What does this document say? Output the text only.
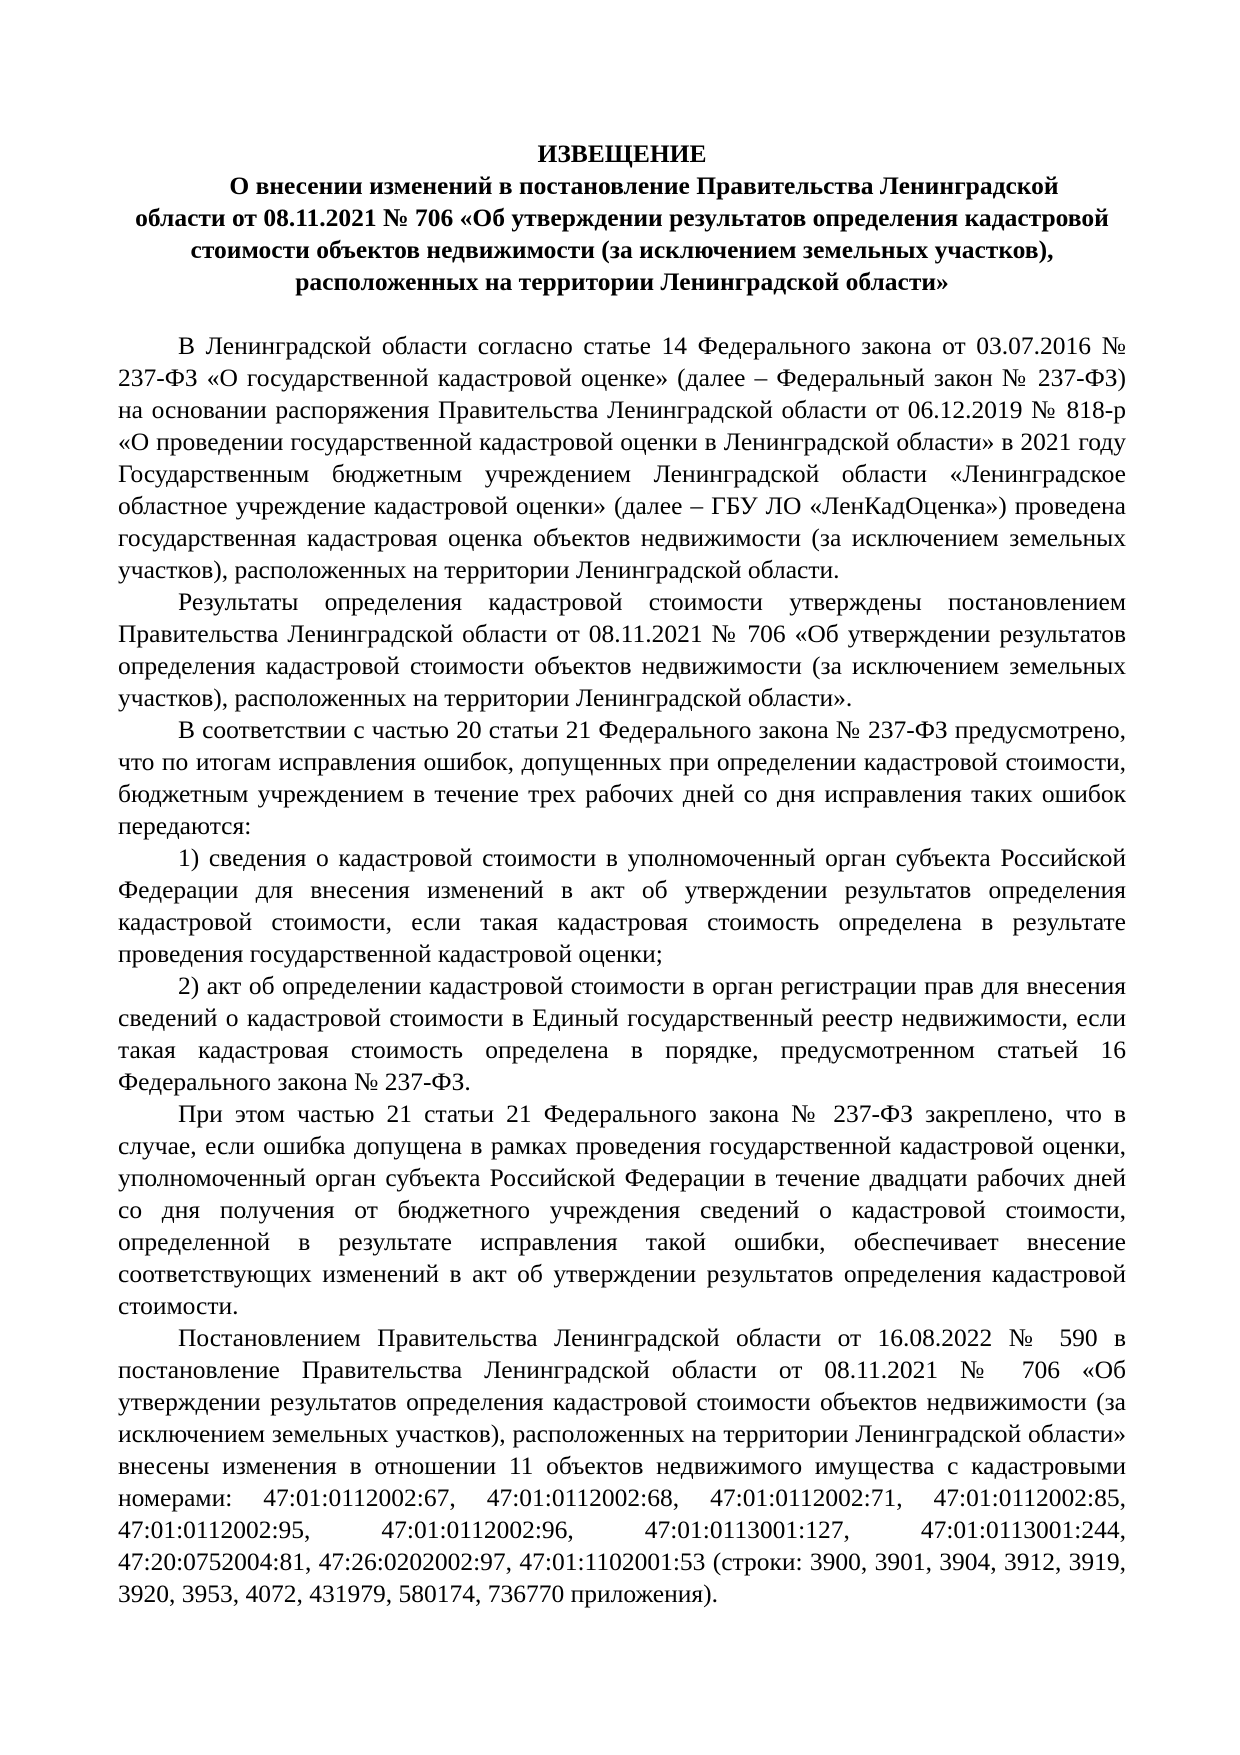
ИЗВЕЩЕНИЕ
О внесении изменений в постановление Правительства Ленинградской
области от 08.11.2021 № 706 «Об утверждении результатов определения кадастровой
стоимости объектов недвижимости (за исключением земельных участков),
расположенных на территории Ленинградской области»

В Ленинградской области согласно статье 14 Федерального закона от 03.07.2016 № 237-ФЗ «О государственной кадастровой оценке» (далее – Федеральный закон № 237-ФЗ) на основании распоряжения Правительства Ленинградской области от 06.12.2019 № 818-р «О проведении государственной кадастровой оценки в Ленинградской области» в 2021 году Государственным бюджетным учреждением Ленинградской области «Ленинградское областное учреждение кадастровой оценки» (далее – ГБУ ЛО «ЛенКадОценка») проведена государственная кадастровая оценка объектов недвижимости (за исключением земельных участков), расположенных на территории Ленинградской области.

Результаты определения кадастровой стоимости утверждены постановлением Правительства Ленинградской области от 08.11.2021 № 706 «Об утверждении результатов определения кадастровой стоимости объектов недвижимости (за исключением земельных участков), расположенных на территории Ленинградской области».

В соответствии с частью 20 статьи 21 Федерального закона № 237-ФЗ предусмотрено, что по итогам исправления ошибок, допущенных при определении кадастровой стоимости, бюджетным учреждением в течение трех рабочих дней со дня исправления таких ошибок передаются:

1) сведения о кадастровой стоимости в уполномоченный орган субъекта Российской Федерации для внесения изменений в акт об утверждении результатов определения кадастровой стоимости, если такая кадастровая стоимость определена в результате проведения государственной кадастровой оценки;

2) акт об определении кадастровой стоимости в орган регистрации прав для внесения сведений о кадастровой стоимости в Единый государственный реестр недвижимости, если такая кадастровая стоимость определена в порядке, предусмотренном статьей 16 Федерального закона № 237-ФЗ.

При этом частью 21 статьи 21 Федерального закона № 237-ФЗ закреплено, что в случае, если ошибка допущена в рамках проведения государственной кадастровой оценки, уполномоченный орган субъекта Российской Федерации в течение двадцати рабочих дней со дня получения от бюджетного учреждения сведений о кадастровой стоимости, определенной в результате исправления такой ошибки, обеспечивает внесение соответствующих изменений в акт об утверждении результатов определения кадастровой стоимости.

Постановлением Правительства Ленинградской области от 16.08.2022 № 590 в постановление Правительства Ленинградской области от 08.11.2021 № 706 «Об утверждении результатов определения кадастровой стоимости объектов недвижимости (за исключением земельных участков), расположенных на территории Ленинградской области» внесены изменения в отношении 11 объектов недвижимого имущества с кадастровыми номерами: 47:01:0112002:67, 47:01:0112002:68, 47:01:0112002:71, 47:01:0112002:85, 47:01:0112002:95, 47:01:0112002:96, 47:01:0113001:127, 47:01:0113001:244, 47:20:0752004:81, 47:26:0202002:97, 47:01:1102001:53 (строки: 3900, 3901, 3904, 3912, 3919, 3920, 3953, 4072, 431979, 580174, 736770 приложения).
